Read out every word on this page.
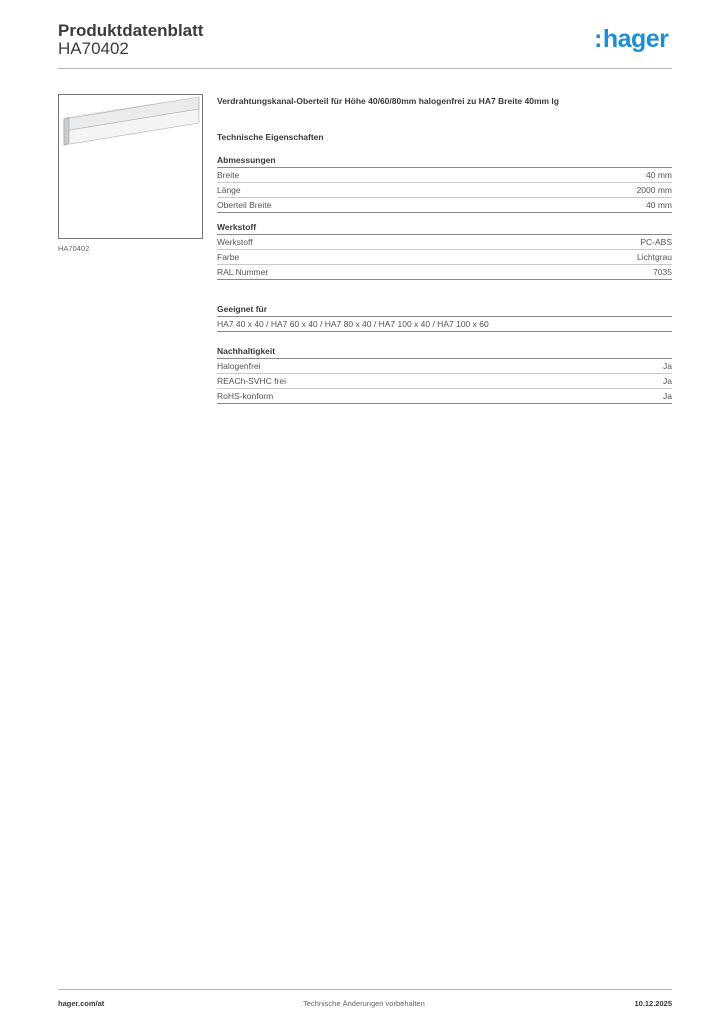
Produktdatenblatt
HA70402	:hager
HA70402
Verdrahtungskanal-Oberteil für Höhe 40/60/80mm halogenfrei zu HA7 Breite 40mm lg
Technische Eigenschaften
Abmessungen
Breite	40 mm
Länge	2000 mm
Oberteil Breite	40 mm
Werkstoff
Werkstoff	PC-ABS
Farbe	Lichtgrau
RAL Nummer	7035
Geeignet für
HA7 40 x 40 / HA7 60 x 40 / HA7 80 x 40 / HA7 100 x 40 / HA7 100 x 60
Nachhaltigkeit
Halogenfrei	Ja
REACh-SVHC frei	Ja
RoHS-konform	Ja
hager.com/at	Technische Änderungen vorbehalten	10.12.2025
